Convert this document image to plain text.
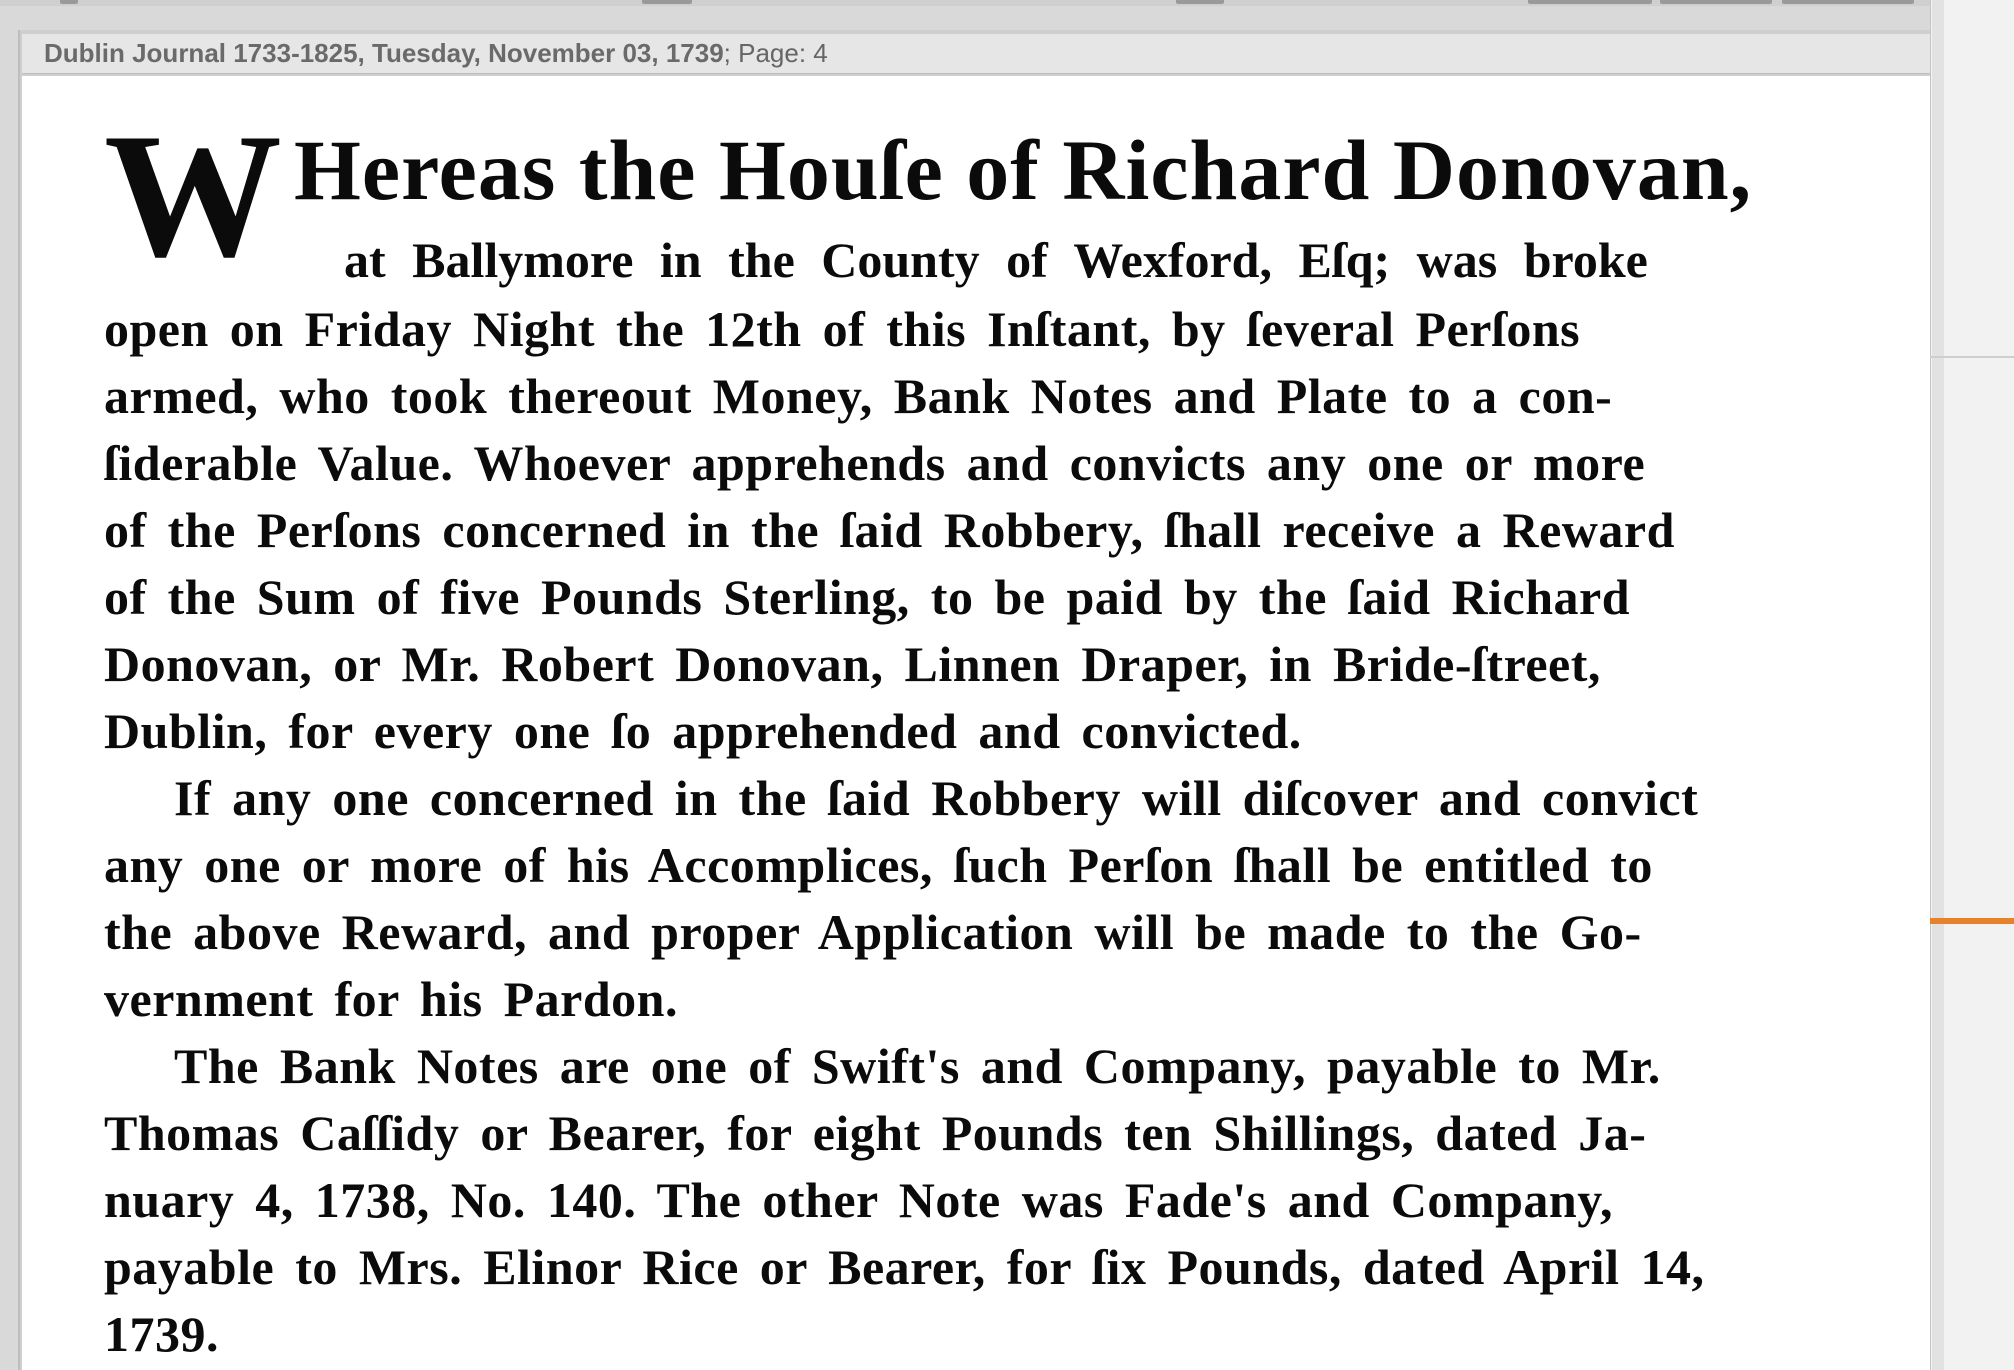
Dublin Journal 1733-1825, Tuesday, November 03, 1739 ; Page: 4
W Hereas the Houſe of Richard Donovan,
at Ballymore in the County of Wexford, Eſq; was broke
open on Friday Night the 12th of this Inſtant, by ſeveral Perſons
armed, who took thereout Money, Bank Notes and Plate to a con-
ſiderable Value. Whoever apprehends and convicts any one or more
of the Perſons concerned in the ſaid Robbery, ſhall receive a Reward
of the Sum of five Pounds Sterling, to be paid by the ſaid Richard
Donovan, or Mr. Robert Donovan, Linnen Draper, in Bride-ſtreet,
Dublin, for every one ſo apprehended and convicted.
If any one concerned in the ſaid Robbery will diſcover and convict
any one or more of his Accomplices, ſuch Perſon ſhall be entitled to
the above Reward, and proper Application will be made to the Go-
vernment for his Pardon.
The Bank Notes are one of Swift's and Company, payable to Mr.
Thomas Caſſidy or Bearer, for eight Pounds ten Shillings, dated Ja-
nuary 4, 1738, No. 140. The other Note was Fade's and Company,
payable to Mrs. Elinor Rice or Bearer, for ſix Pounds, dated April 14,
1739.
